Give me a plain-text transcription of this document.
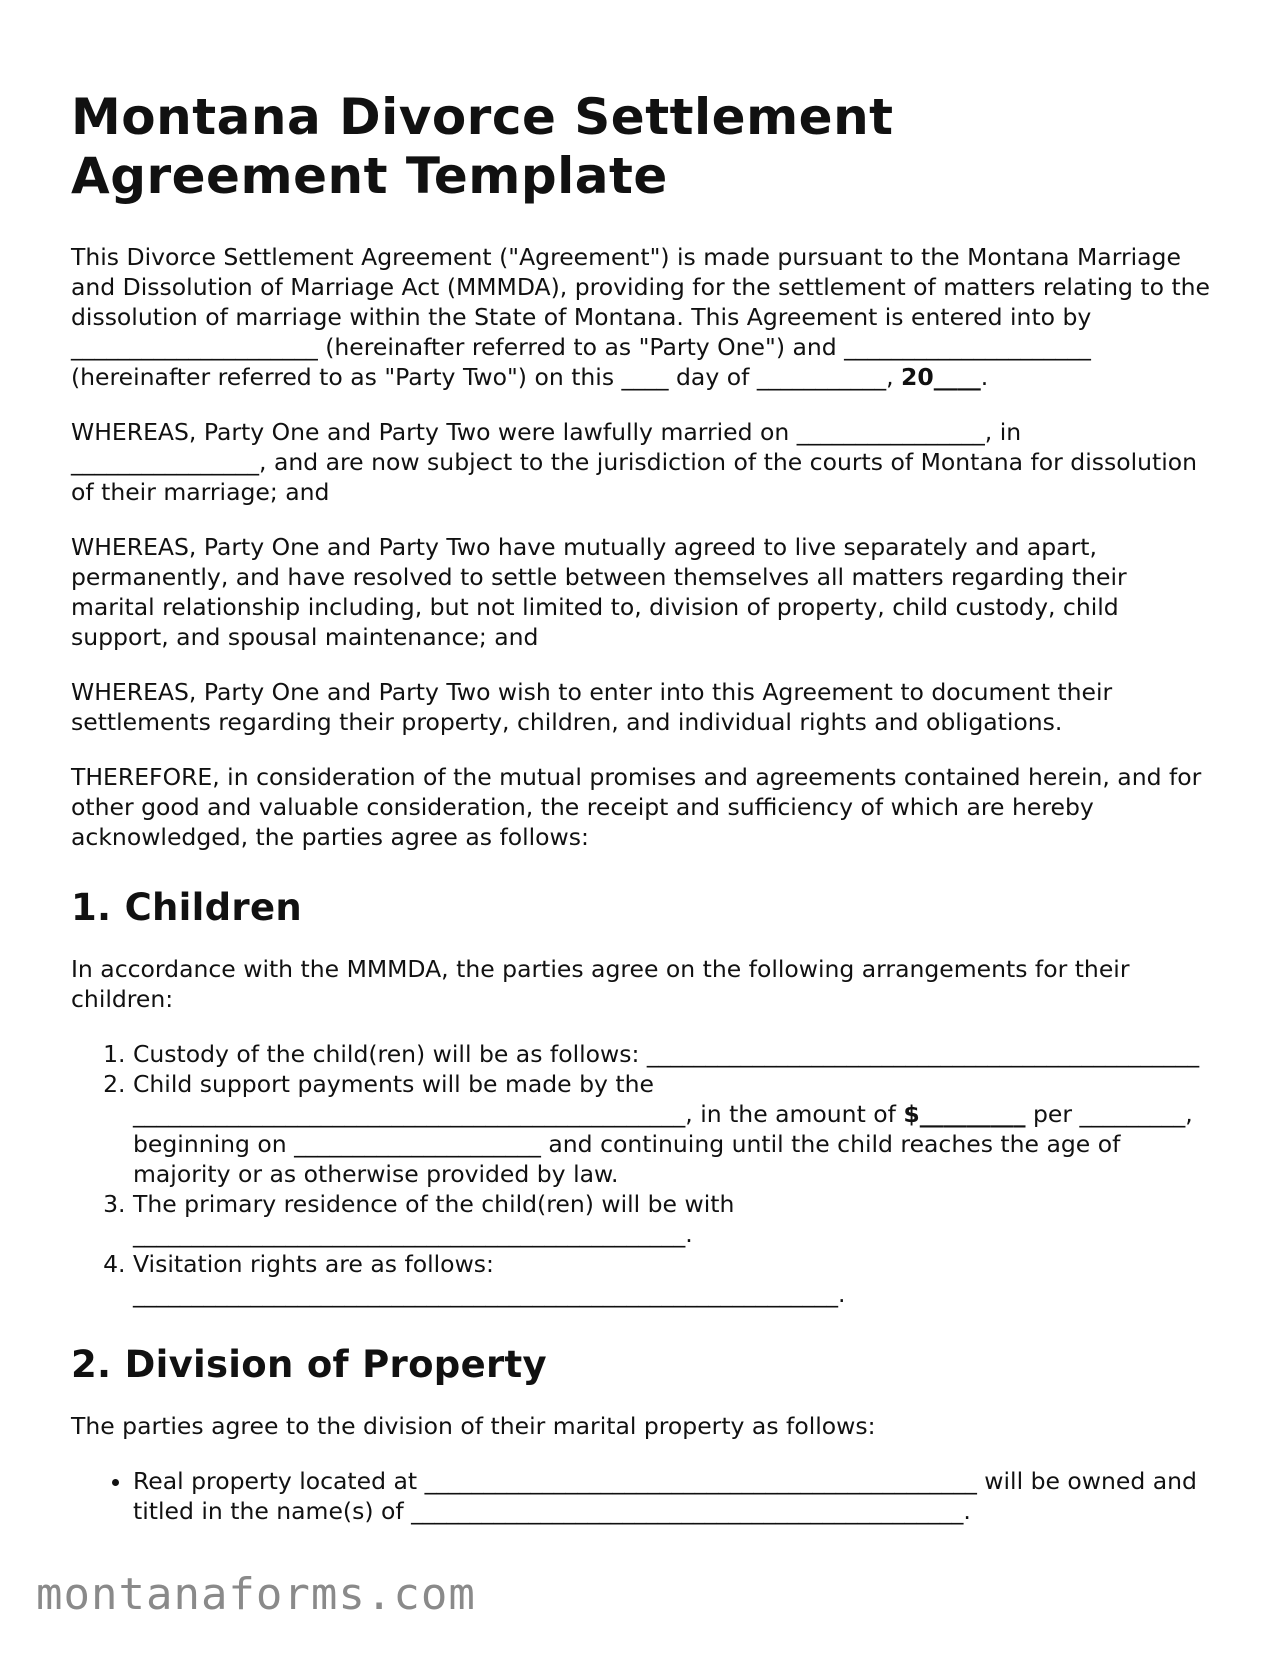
Montana Divorce Settlement Agreement Template

This Divorce Settlement Agreement ("Agreement") is made pursuant to the Montana Marriage and Dissolution of Marriage Act (MMMDA), providing for the settlement of matters relating to the dissolution of marriage within the State of Montana. This Agreement is entered into by _____________________ (hereinafter referred to as "Party One") and _____________________ (hereinafter referred to as "Party Two") on this ____ day of ___________, 20____.

WHEREAS, Party One and Party Two were lawfully married on ________________, in ________________, and are now subject to the jurisdiction of the courts of Montana for dissolution of their marriage; and

WHEREAS, Party One and Party Two have mutually agreed to live separately and apart, permanently, and have resolved to settle between themselves all matters regarding their marital relationship including, but not limited to, division of property, child custody, child support, and spousal maintenance; and

WHEREAS, Party One and Party Two wish to enter into this Agreement to document their settlements regarding their property, children, and individual rights and obligations.

THEREFORE, in consideration of the mutual promises and agreements contained herein, and for other good and valuable consideration, the receipt and sufficiency of which are hereby acknowledged, the parties agree as follows:

1. Children

In accordance with the MMMDA, the parties agree on the following arrangements for their children:

1. Custody of the child(ren) will be as follows: _______________________________________________
2. Child support payments will be made by the _______________________________________________, in the amount of $_________ per _________, beginning on _____________________ and continuing until the child reaches the age of majority or as otherwise provided by law.
3. The primary residence of the child(ren) will be with _______________________________________________.
4. Visitation rights are as follows: ____________________________________________________________.
2. Division of Property

The parties agree to the division of their marital property as follows:

• Real property located at _______________________________________________ will be owned and titled in the name(s) of _______________________________________________.
montanaforms.com
